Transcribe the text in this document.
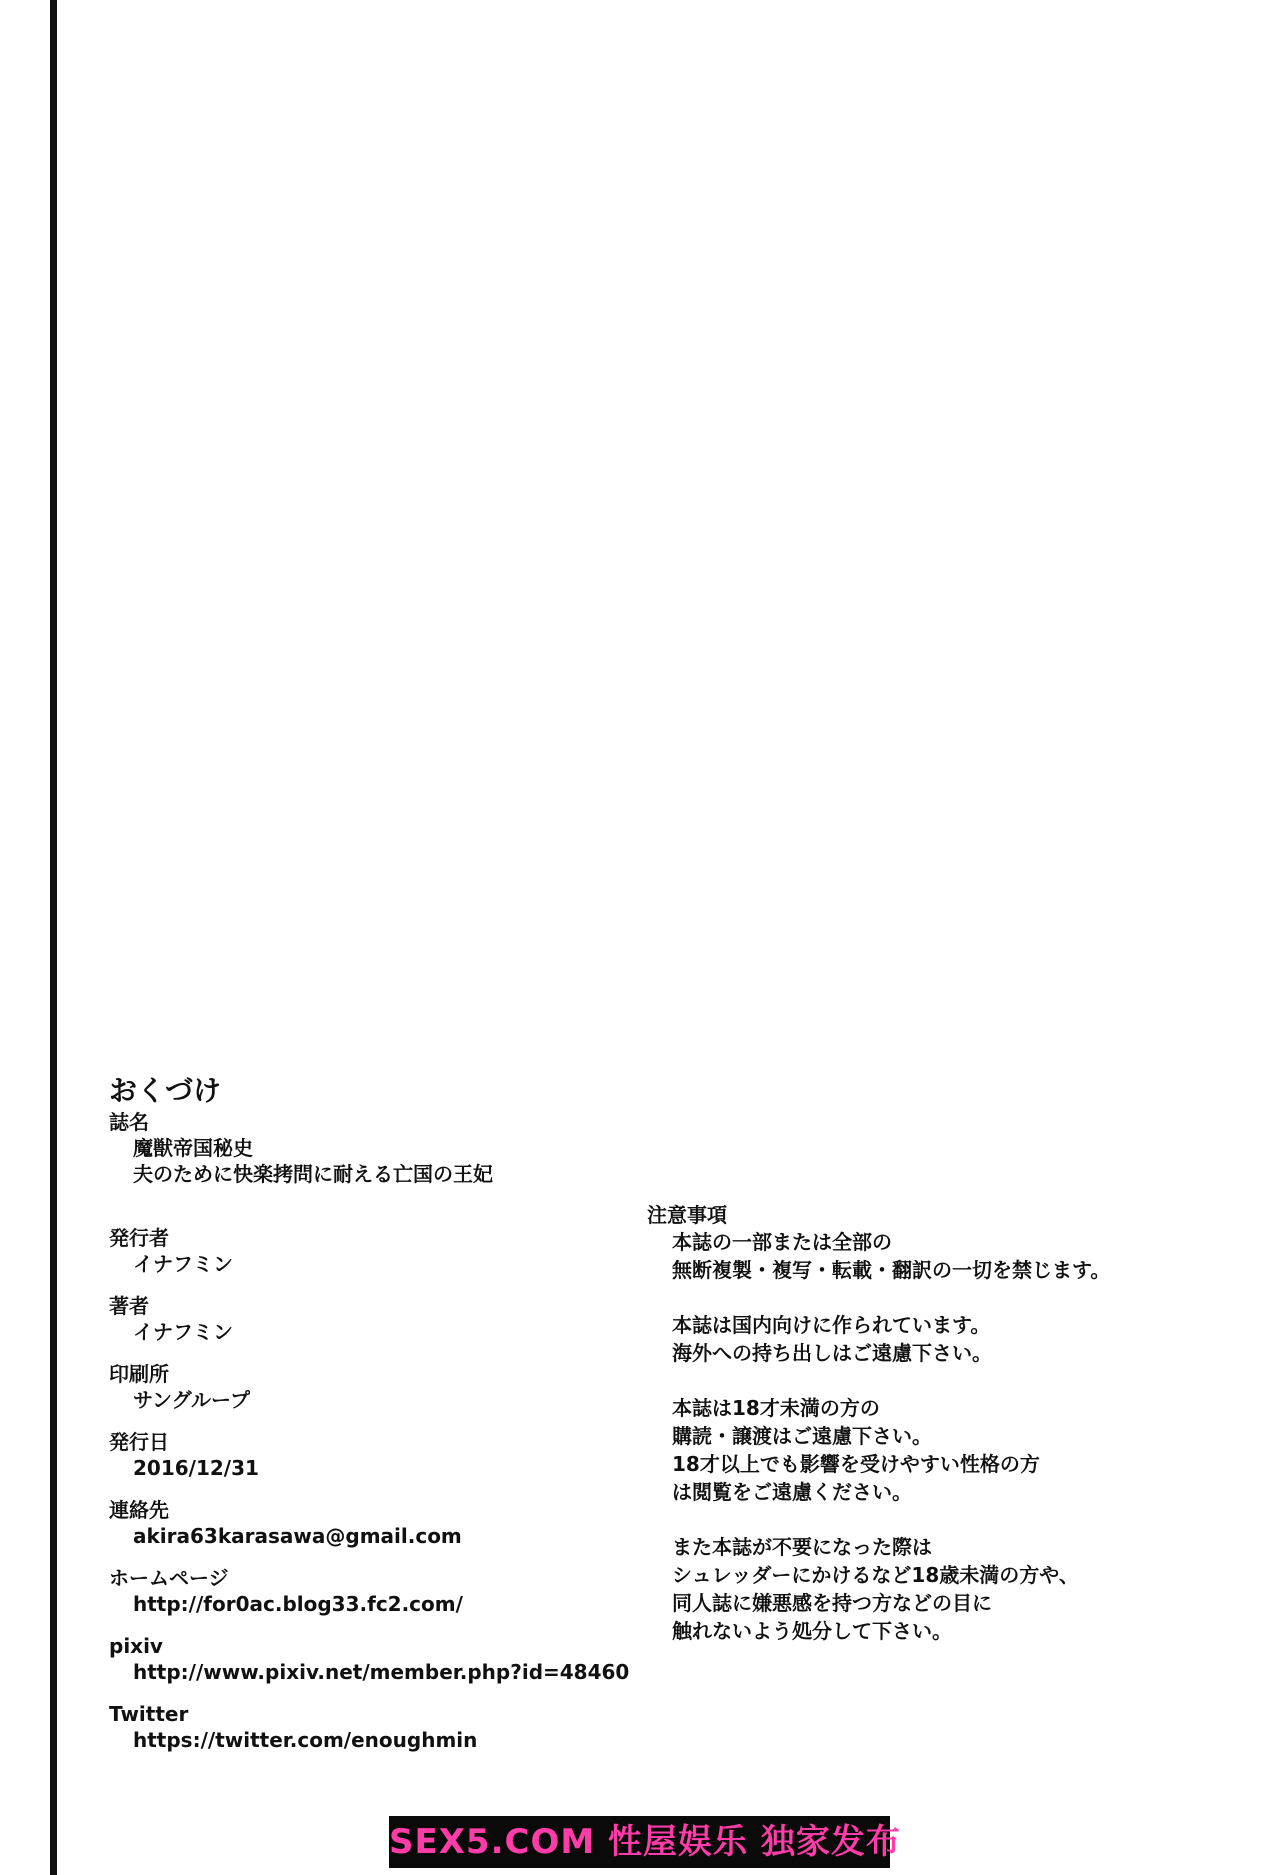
おくづけ
誌名
魔獣帝国秘史
夫のために快楽拷問に耐える亡国の王妃
発行者
イナフミン
著者
イナフミン
印刷所
サングループ
発行日
2016/12/31
連絡先
akira63karasawa@gmail.com
ホームページ
http://for0ac.blog33.fc2.com/
pixiv
http://www.pixiv.net/member.php?id=48460
Twitter
https://twitter.com/enoughmin
注意事項
本誌の一部または全部の
無断複製・複写・転載・翻訳の一切を禁じます。
本誌は国内向けに作られています。
海外への持ち出しはご遠慮下さい。
本誌は18才未満の方の
購読・譲渡はご遠慮下さい。
18才以上でも影響を受けやすい性格の方
は閲覧をご遠慮ください。
また本誌が不要になった際は
シュレッダーにかけるなど18歳未満の方や、
同人誌に嫌悪感を持つ方などの目に
触れないよう処分して下さい。
SEX5.COM 性屋娱乐 独家发布
